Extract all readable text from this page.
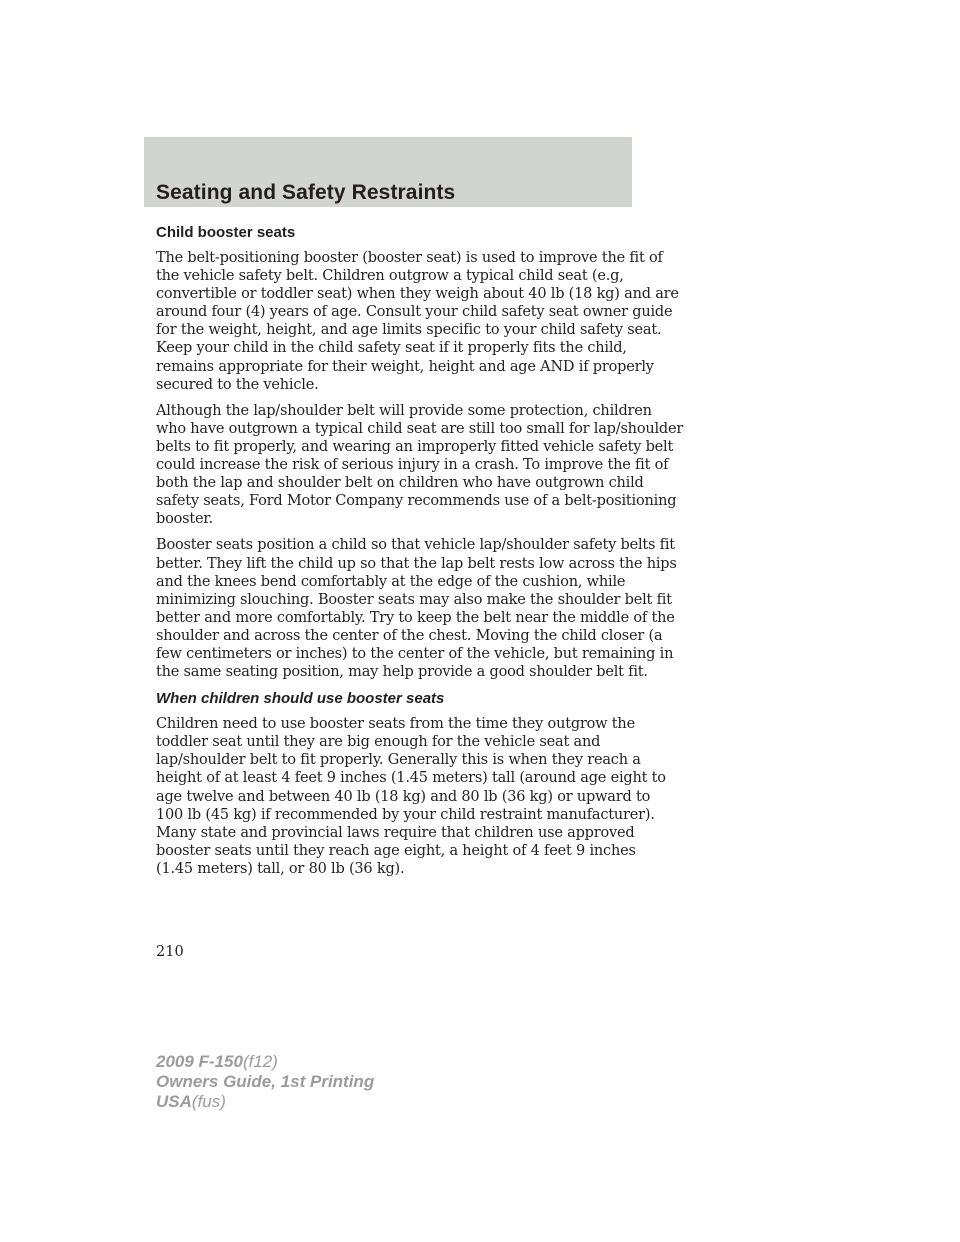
Seating and Safety Restraints
Child booster seats

The belt-positioning booster (booster seat) is used to improve the fit of
the vehicle safety belt. Children outgrow a typical child seat (e.g,
convertible or toddler seat) when they weigh about 40 lb (18 kg) and are
around four (4) years of age. Consult your child safety seat owner guide
for the weight, height, and age limits specific to your child safety seat.
Keep your child in the child safety seat if it properly fits the child,
remains appropriate for their weight, height and age AND if properly
secured to the vehicle.

Although the lap/shoulder belt will provide some protection, children
who have outgrown a typical child seat are still too small for lap/shoulder
belts to fit properly, and wearing an improperly fitted vehicle safety belt
could increase the risk of serious injury in a crash. To improve the fit of
both the lap and shoulder belt on children who have outgrown child
safety seats, Ford Motor Company recommends use of a belt-positioning
booster.

Booster seats position a child so that vehicle lap/shoulder safety belts fit
better. They lift the child up so that the lap belt rests low across the hips
and the knees bend comfortably at the edge of the cushion, while
minimizing slouching. Booster seats may also make the shoulder belt fit
better and more comfortably. Try to keep the belt near the middle of the
shoulder and across the center of the chest. Moving the child closer (a
few centimeters or inches) to the center of the vehicle, but remaining in
the same seating position, may help provide a good shoulder belt fit.

When children should use booster seats

Children need to use booster seats from the time they outgrow the
toddler seat until they are big enough for the vehicle seat and
lap/shoulder belt to fit properly. Generally this is when they reach a
height of at least 4 feet 9 inches (1.45 meters) tall (around age eight to
age twelve and between 40 lb (18 kg) and 80 lb (36 kg) or upward to
100 lb (45 kg) if recommended by your child restraint manufacturer).
Many state and provincial laws require that children use approved
booster seats until they reach age eight, a height of 4 feet 9 inches
(1.45 meters) tall, or 80 lb (36 kg).

210
2009 F-150(f12)
Owners Guide, 1st Printing
USA(fus)
